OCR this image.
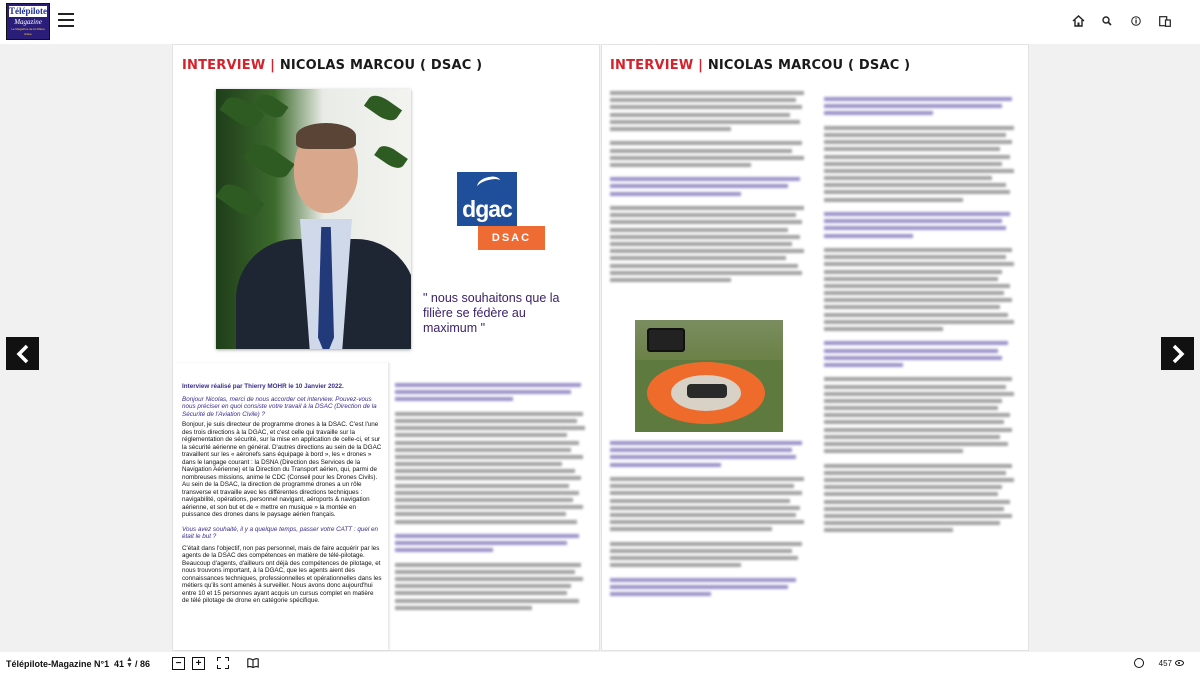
Télépilote
Magazine
Le Magazine de la Filière drone
INTERVIEW | NICOLAS MARCOU ( DSAC )
dgac
DSAC
" nous souhaitons que la filière se fédère au maximum "

Interview réalisé par Thierry MOHR le 10 Janvier 2022.

Bonjour Nicolas, merci de nous accorder cet interview. Pouvez-vous nous préciser en quoi consiste votre travail à la DSAC (Direction de la Sécurité de l'Aviation Civile) ?

Bonjour, je suis directeur de programme drones à la DSAC. C'est l'une des trois directions à la DGAC, et c'est celle qui travaille sur la réglementation de sécurité, sur la mise en application de celle-ci, et sur la sécurité aérienne en général. D'autres directions au sein de la DGAC travaillent sur les « aéronefs sans équipage à bord », les « drones » dans le langage courant : la DSNA (Direction des Services de la Navigation Aérienne) et la Direction du Transport aérien, qui, parmi de nombreuses missions, anime le CDC (Conseil pour les Drones Civils).

Au sein de la DSAC, la direction de programme drones a un rôle transverse et travaille avec les différentes directions techniques : navigabilité, opérations, personnel navigant, aéroports & navigation aérienne, et son but et de « mettre en musique » la montée en puissance des drones dans le paysage aérien français.

Vous avez souhaité, il y a quelque temps, passer votre CATT : quel en était le but ?

C'était dans l'objectif, non pas personnel, mais de faire acquérir par les agents de la DSAC des compétences en matière de télé-pilotage. Beaucoup d'agents, d'ailleurs ont déjà des compétences de pilotage, et nous trouvons important, à la DGAC, que les agents aient des connaissances techniques, professionnelles et opérationnelles dans les métiers qu'ils sont amenés à surveiller. Nous avons donc aujourd'hui entre 10 et 15 personnes ayant acquis un cursus complet en matière de télé pilotage de drone en catégorie spécifique.

INTERVIEW | NICOLAS MARCOU ( DSAC )
Télépilote-Magazine N°1 41 ▲
▼ / 86	−	+	457
